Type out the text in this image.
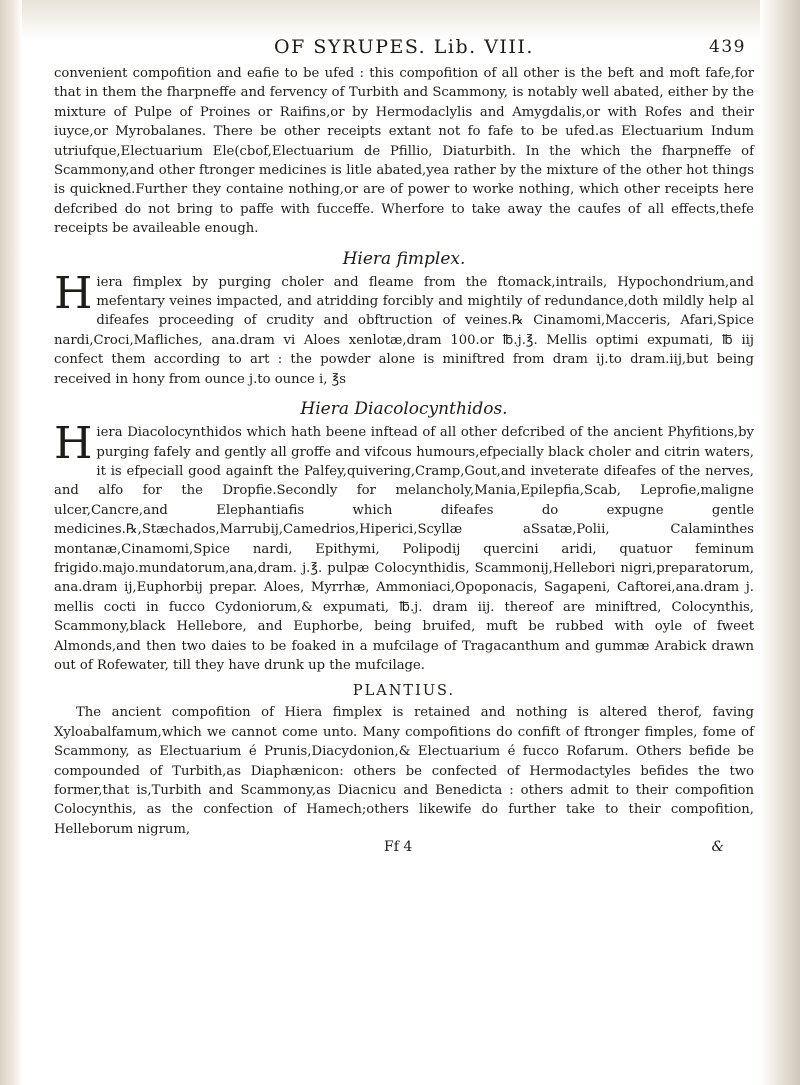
OF SYRUPES. Lib. VIII.	439

convenient compofition and eafie to be ufed : this compofition of all other is the beft and moft fafe,for that in them the fharpneffe and fervency of Turbith and Scammony, is notably well abated, either by the mixture of Pulpe of Proines or Raifins,or by Hermodaclylis and Amygdalis,or with Rofes and their iuyce,or Myrobalanes. There be other receipts extant not fo fafe to be ufed.as Electuarium Indum utriufque,Electuarium Ele(cbof,Electuarium de Pfillio, Diaturbith. In the which the fharpneffe of Scammony,and other ftronger medicines is litle abated,yea rather by the mixture of the other hot things is quickned.Further they containe nothing,or are of power to worke nothing, which other receipts here defcribed do not bring to paffe with fucceffe. Wherfore to take away the caufes of all effects,thefe receipts be availeable enough.

Hiera fimplex.

Hiera fimplex by purging choler and fleame from the ftomack,intrails, Hypochondrium,and mefentary veines impacted, and atridding forcibly and mightily of redundance,doth mildly help al difeafes proceeding of crudity and obftruction of veines.℞ Cinamomi,Macceris, Afari,Spice nardi,Croci,Mafliches, ana.dram vi Aloes xenlotæ,dram 100.or ℔.j.℥. Mellis optimi expumati, ℔ iij confect them according to art : the powder alone is miniftred from dram ij.to dram.iij,but being received in hony from ounce j.to ounce i, ℥s

Hiera Diacolocynthidos.

Hiera Diacolocynthidos which hath beene inftead of all other defcribed of the ancient Phyfitions,by purging fafely and gently all groffe and vifcous humours,efpecially black choler and citrin waters, it is efpeciall good againft the Palfey,quivering,Cramp,Gout,and inveterate difeafes of the nerves, and alfo for the Dropfie.Secondly for melancholy,Mania,Epilepfia,Scab, Leprofie,maligne ulcer,Cancre,and Elephantiafis which difeafes do expugne gentle medicines.℞,Stæchados,Marrubij,Camedrios,Hiperici,Scyllæ aSsatæ,Polii, Calaminthes montanæ,Cinamomi,Spice nardi, Epithymi, Polipodij quercini aridi, quatuor feminum frigido.majo.mundatorum,ana,dram. j.℥. pulpæ Colocynthidis, Scammonij,Hellebori nigri,preparatorum, ana.dram ij,Euphorbij prepar. Aloes, Myrrhæ, Ammoniaci,Opoponacis, Sagapeni, Caftorei,ana.dram j. mellis cocti in fucco Cydoniorum,& expumati, ℔.j. dram iij. thereof are miniftred, Colocynthis, Scammony,black Hellebore, and Euphorbe, being bruifed, muft be rubbed with oyle of fweet Almonds,and then two daies to be foaked in a mufcilage of Tragacanthum and gummæ Arabick drawn out of Rofewater, till they have drunk up the mufcilage.

PLANTIUS.

The ancient compofition of Hiera fimplex is retained and nothing is altered therof, faving Xyloabalfamum,which we cannot come unto. Many compofitions do confift of ftronger fimples, fome of Scammony, as Electuarium é Prunis,Diacydonion,& Electuarium é fucco Rofarum. Others befide be compounded of Turbith,as Diaphænicon: others be confected of Hermodactyles befides the two former,that is,Turbith and Scammony,as Diacnicu and Benedicta : others admit to their compofition Colocynthis, as the confection of Hamech;others likewife do further take to their compofition, Helleborum nigrum,

Ff 4	&
